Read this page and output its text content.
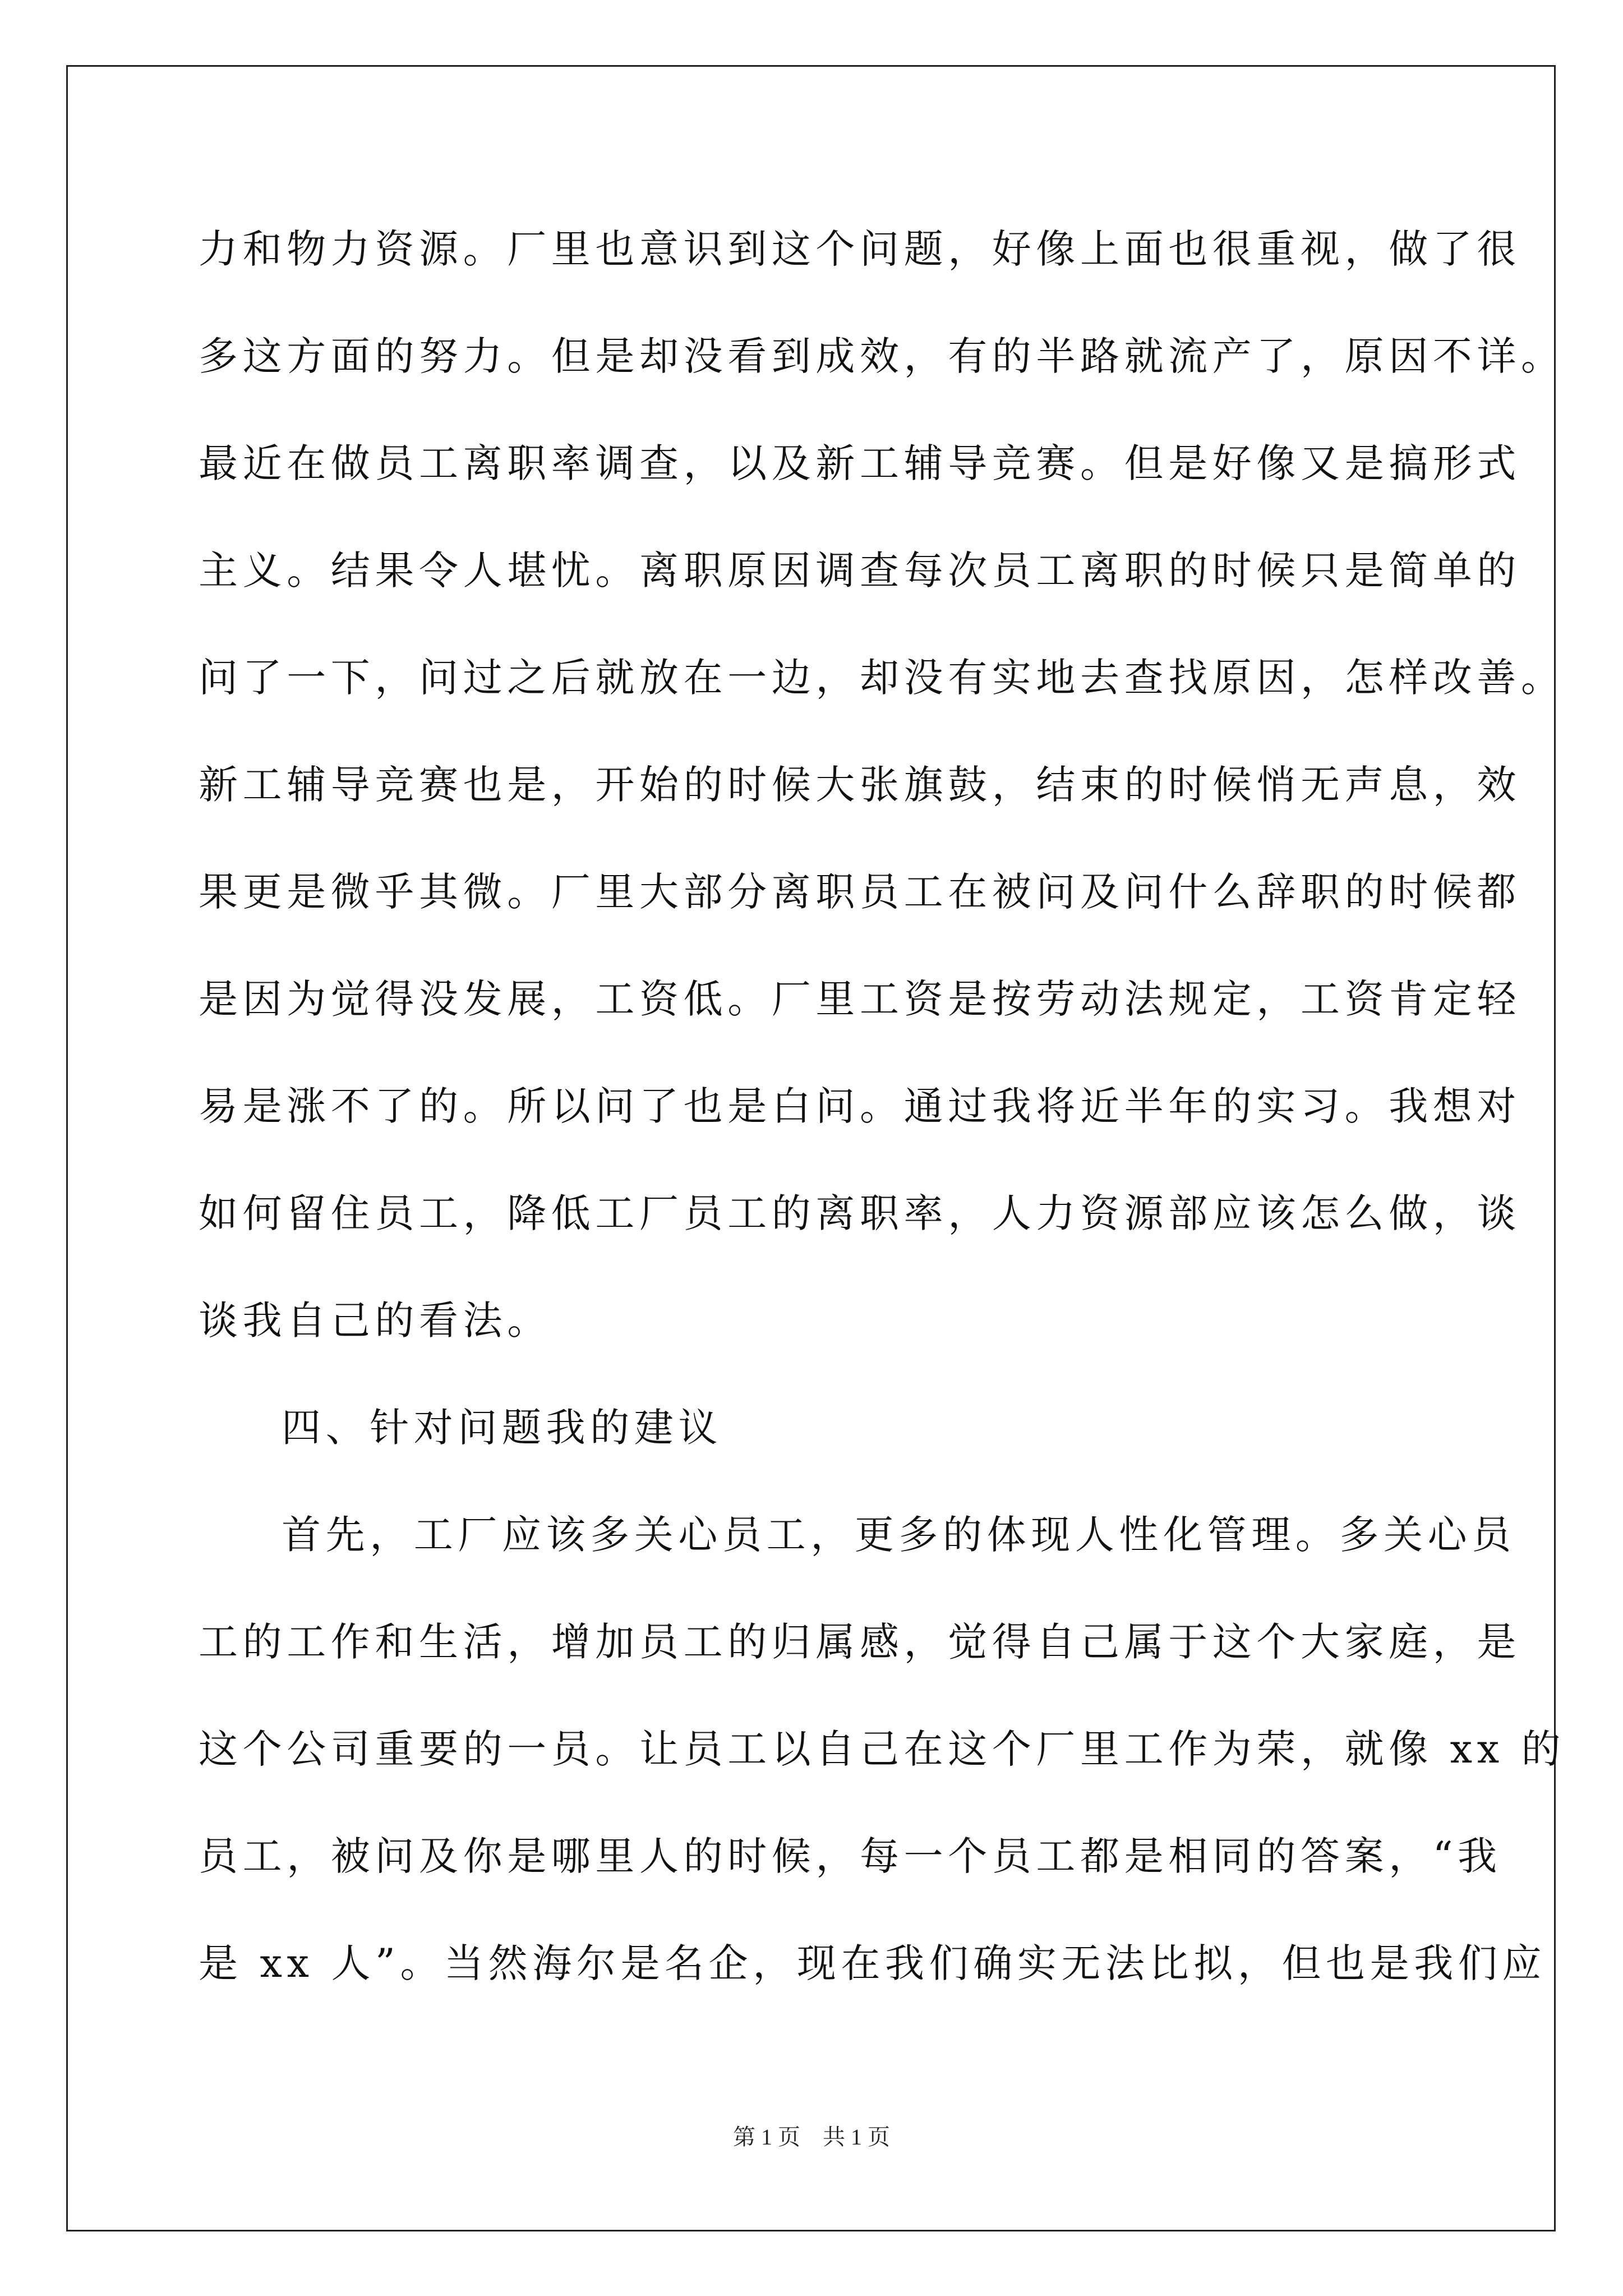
力和物力资源。厂里也意识到这个问题，好像上面也很重视，做了很
多这方面的努力。但是却没看到成效，有的半路就流产了，原因不详。
最近在做员工离职率调查，以及新工辅导竞赛。但是好像又是搞形式
主义。结果令人堪忧。离职原因调查每次员工离职的时候只是简单的
问了一下，问过之后就放在一边，却没有实地去查找原因，怎样改善。
新工辅导竞赛也是，开始的时候大张旗鼓，结束的时候悄无声息，效
果更是微乎其微。厂里大部分离职员工在被问及问什么辞职的时候都
是因为觉得没发展，工资低。厂里工资是按劳动法规定，工资肯定轻
易是涨不了的。所以问了也是白问。通过我将近半年的实习。我想对
如何留住员工，降低工厂员工的离职率，人力资源部应该怎么做，谈
谈我自己的看法。
四、针对问题我的建议
首先，工厂应该多关心员工，更多的体现人性化管理。多关心员
工的工作和生活，增加员工的归属感，觉得自己属于这个大家庭，是
这个公司重要的一员。让员工以自己在这个厂里工作为荣，就像 xx 的
员工，被问及你是哪里人的时候，每一个员工都是相同的答案，“我
是 xx 人”。当然海尔是名企，现在我们确实无法比拟，但也是我们应
第 1 页　共 1 页
